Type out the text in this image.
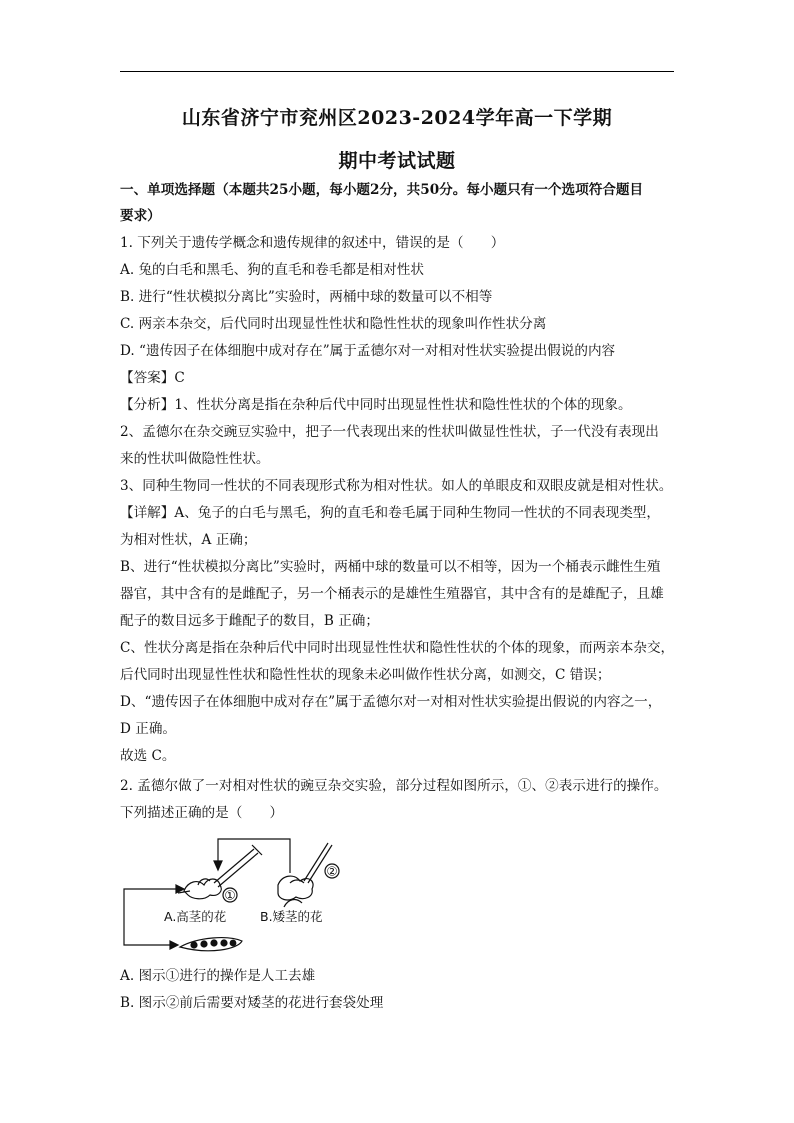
山东省济宁市兖州区2023-2024学年高一下学期
期中考试试题
一、单项选择题（本题共25小题，每小题2分，共50分。每小题只有一个选项符合题目
要求）
1. 下列关于遗传学概念和遗传规律的叙述中，错误的是（　　）
A. 兔的白毛和黑毛、狗的直毛和卷毛都是相对性状
B. 进行“性状模拟分离比”实验时，两桶中球的数量可以不相等
C. 两亲本杂交，后代同时出现显性性状和隐性性状的现象叫作性状分离
D. “遗传因子在体细胞中成对存在”属于孟德尔对一对相对性状实验提出假说的内容
【答案】C
【分析】1、性状分离是指在杂种后代中同时出现显性性状和隐性性状的个体的现象。
2、孟德尔在杂交豌豆实验中，把子一代表现出来的性状叫做显性性状，子一代没有表现出
来的性状叫做隐性性状。
3、同种生物同一性状的不同表现形式称为相对性状。如人的单眼皮和双眼皮就是相对性状。
【详解】A、兔子的白毛与黑毛，狗的直毛和卷毛属于同种生物同一性状的不同表现类型，
为相对性状，A 正确；
B、进行“性状模拟分离比”实验时，两桶中球的数量可以不相等，因为一个桶表示雌性生殖
器官，其中含有的是雌配子，另一个桶表示的是雄性生殖器官，其中含有的是雄配子，且雄
配子的数目远多于雌配子的数目，B 正确；
C、性状分离是指在杂种后代中同时出现显性性状和隐性性状的个体的现象，而两亲本杂交，
后代同时出现显性性状和隐性性状的现象未必叫做作性状分离，如测交，C 错误；
D、“遗传因子在体细胞中成对存在”属于孟德尔对一对相对性状实验提出假说的内容之一，
D 正确。
故选 C。
2. 孟德尔做了一对相对性状的豌豆杂交实验，部分过程如图所示，①、②表示进行的操作。
下列描述正确的是（　　）
①
②
A.高茎的花	B.矮茎的花
A. 图示①进行的操作是人工去雄
B. 图示②前后需要对矮茎的花进行套袋处理
